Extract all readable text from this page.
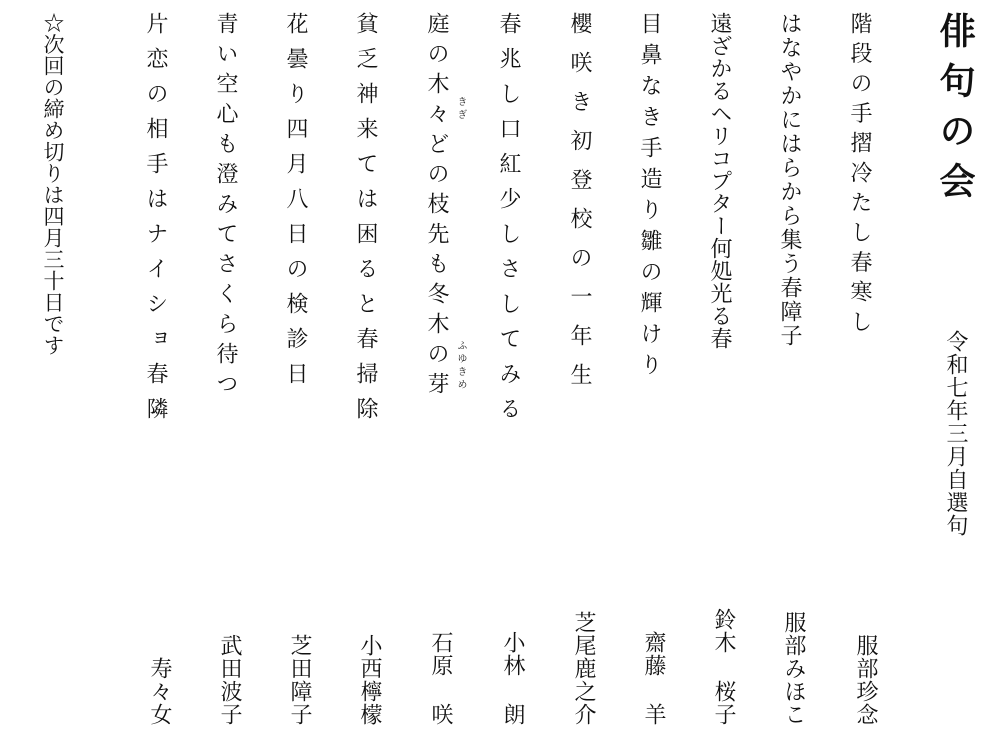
俳句の会
令和七年三月自選句
階段の手摺冷たし春寒し
服部珍念
はなやかにはらから集う春障子
服部みほこ
遠ざかるヘリコプター何処光る春
鈴木 桜子
目鼻なき手造り雛の輝けり
齋藤 羊
櫻咲き初登校の一年生
芝尾鹿之介
春兆し口紅少しさしてみる
小林 朗
庭の木々どの枝先も冬木の芽 きぎ
ふゆきめ
石原 咲
貧乏神来ては困ると春掃除
小西檸檬
花曇り四月八日の検診日
芝田障子
青い空心も澄みてさくら待つ
武田波子
片恋の相手はナイショ春隣
寿々女
☆次回の締め切りは四月三十日です
